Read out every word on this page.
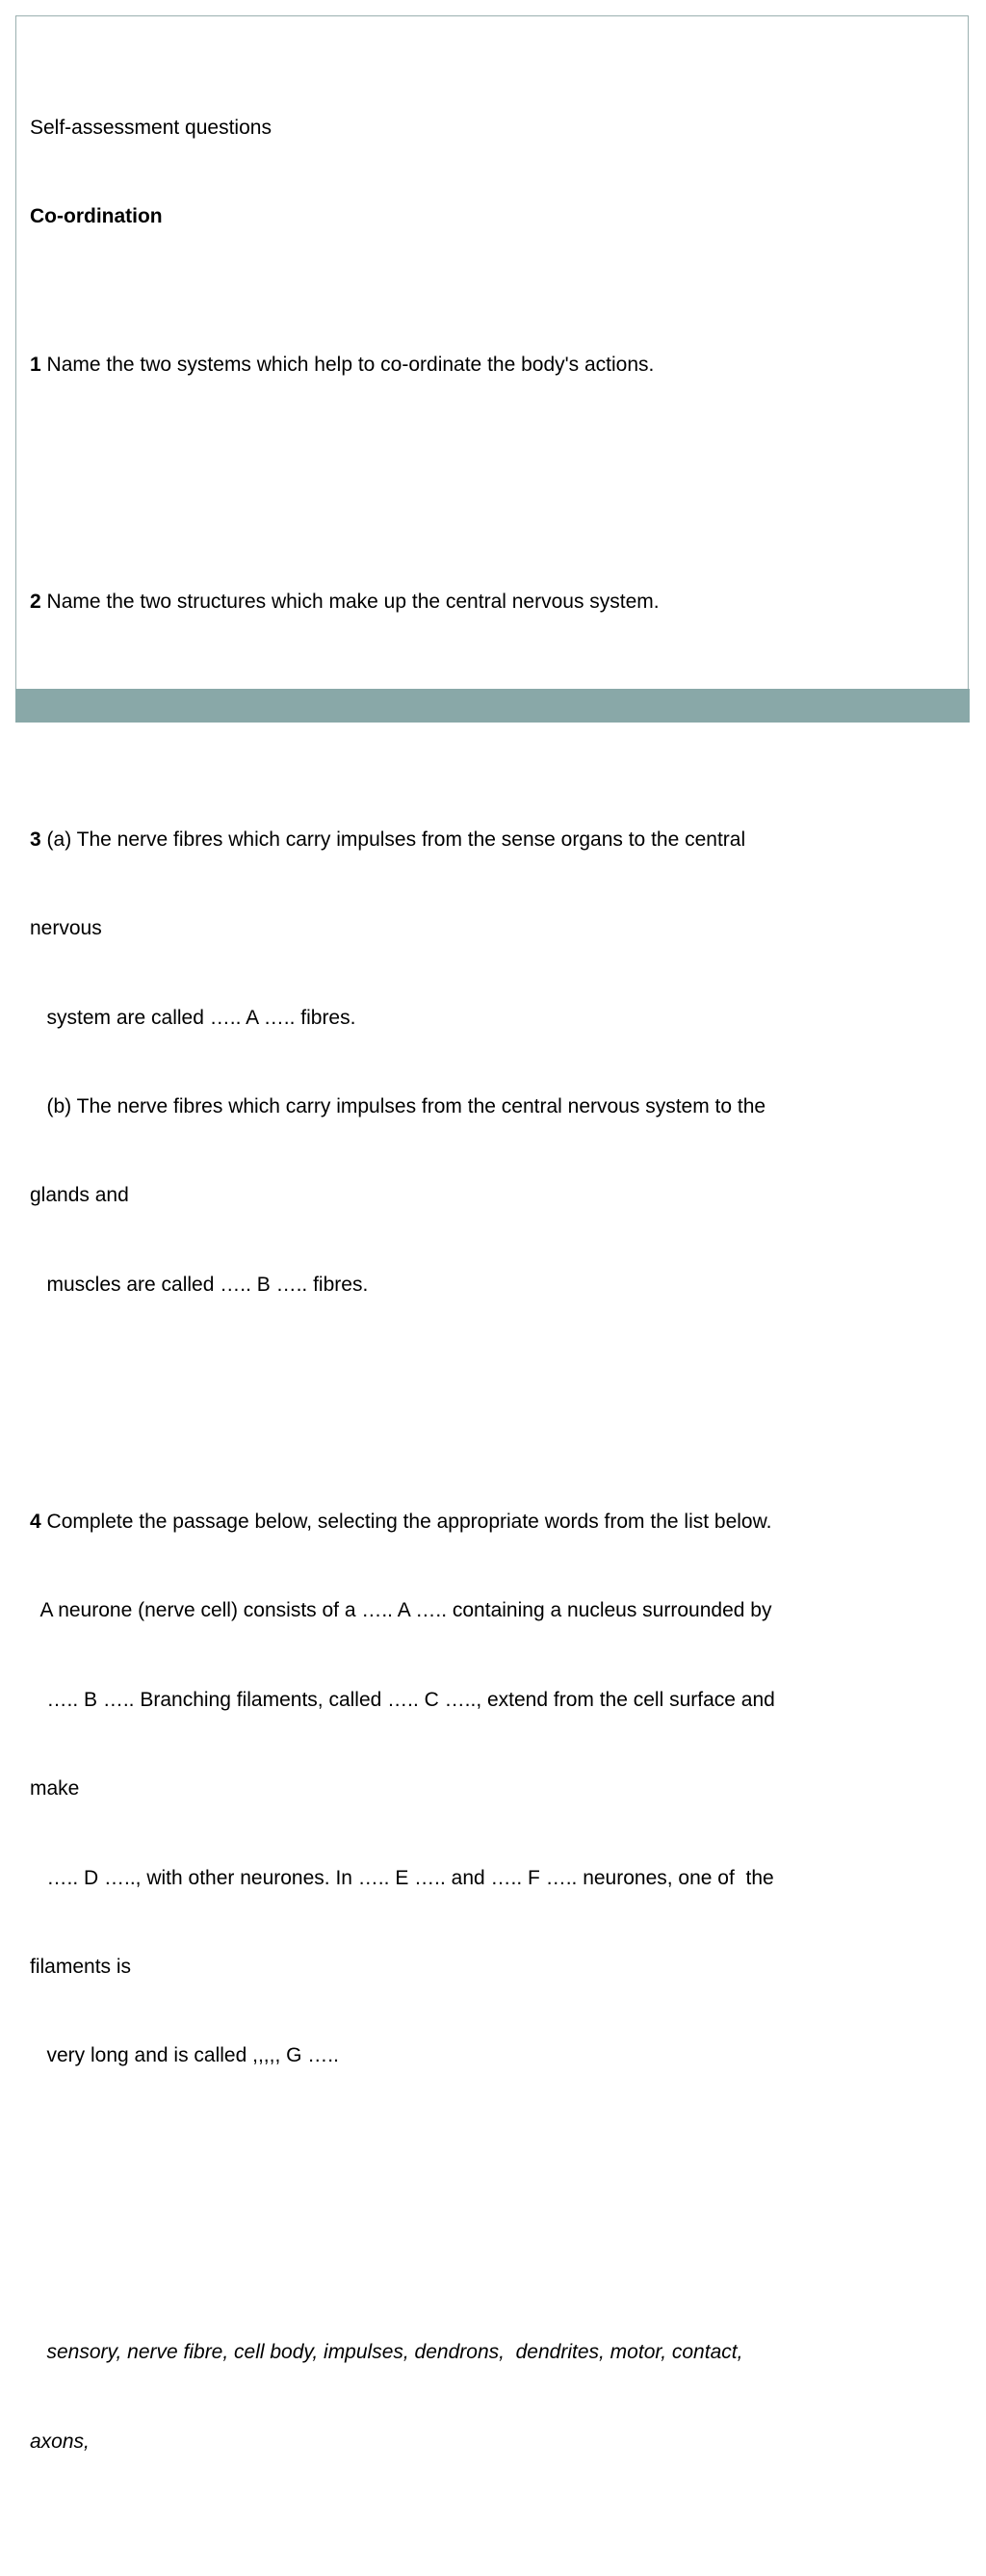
Self-assessment questions

Co-ordination

1 Name the two systems which help to co-ordinate the body's actions.

2 Name the two structures which make up the central nervous system.

3 (a) The nerve fibres which carry impulses from the sense organs to the central

nervous

system are called ….. A ….. fibres.

(b) The nerve fibres which carry impulses from the central nervous system to the

glands and

muscles are called ….. B ….. fibres.

4 Complete the passage below, selecting the appropriate words from the list below.

A neurone (nerve cell) consists of a ….. A ….. containing a nucleus surrounded by

….. B ….. Branching filaments, called ….. C ….., extend from the cell surface and

make

….. D ….., with other neurones. In ….. E ….. and ….. F ….. neurones, one of  the

filaments is

very long and is called ,,,,, G …..

sensory, nerve fibre, cell body, impulses, dendrons,  dendrites, motor, contact,

axons,
